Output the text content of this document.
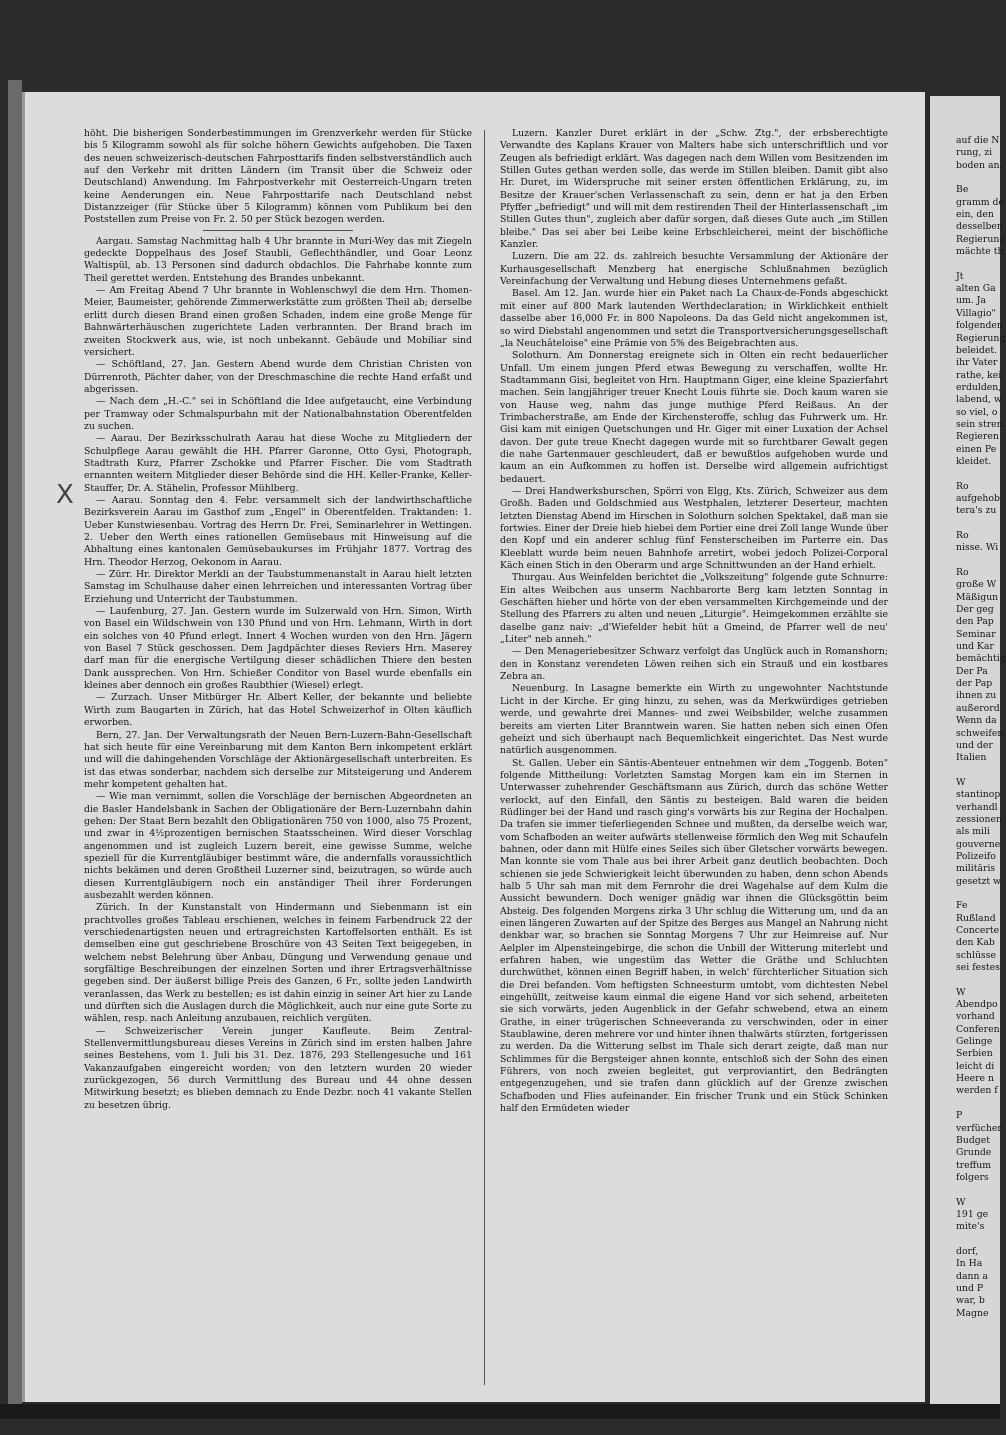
X

höht. Die bisherigen Sonderbestimmungen im Grenzverkehr werden für Stücke bis 5 Kilogramm sowohl als für solche höhern Gewichts aufgehoben. Die Taxen des neuen schweizerisch-deutschen Fahrposttarifs finden selbstverständlich auch auf den Verkehr mit dritten Ländern (im Transit über die Schweiz oder Deutschland) Anwendung. Im Fahrpostverkehr mit Oesterreich-Ungarn treten keine Aenderungen ein. Neue Fahrposttarife nach Deutschland nebst Distanzzeiger (für Stücke über 5 Kilogramm) können vom Publikum bei den Poststellen zum Preise von Fr. 2. 50 per Stück bezogen werden.

Aargau. Samstag Nachmittag halb 4 Uhr brannte in Muri-Wey das mit Ziegeln gedeckte Doppelhaus des Josef Staubli, Geflechthändler, und Goar Leonz Waltispül, ab. 13 Personen sind dadurch obdachlos. Die Fahrhabe konnte zum Theil gerettet werden. Entstehung des Brandes unbekannt.

— Am Freitag Abend 7 Uhr brannte in Wohlenschwyl die dem Hrn. Thomen-Meier, Baumeister, gehörende Zimmerwerkstätte zum größten Theil ab; derselbe erlitt durch diesen Brand einen großen Schaden, indem eine große Menge für Bahnwärterhäuschen zugerichtete Laden verbrannten. Der Brand brach im zweiten Stockwerk aus, wie, ist noch unbekannt. Gebäude und Mobiliar sind versichert.

— Schöftland, 27. Jan. Gestern Abend wurde dem Christian Christen von Dürrenroth, Pächter daher, von der Dreschmaschine die rechte Hand erfaßt und abgerissen.

— Nach dem „H.-C." sei in Schöftland die Idee aufgetaucht, eine Verbindung per Tramway oder Schmalspurbahn mit der Nationalbahnstation Oberentfelden zu suchen.

— Aarau. Der Bezirksschulrath Aarau hat diese Woche zu Mitgliedern der Schulpflege Aarau gewählt die HH. Pfarrer Garonne, Otto Gysi, Photograph, Stadtrath Kurz, Pfarrer Zschokke und Pfarrer Fischer. Die vom Stadtrath ernannten weitern Mitglieder dieser Behörde sind die HH. Keller-Franke, Keller-Stauffer, Dr. A. Stähelin, Professor Mühlberg.

— Aarau. Sonntag den 4. Febr. versammelt sich der landwirthschaftliche Bezirksverein Aarau im Gasthof zum „Engel" in Oberentfelden. Traktanden: 1. Ueber Kunstwiesenbau. Vortrag des Herrn Dr. Frei, Seminarlehrer in Wettingen. 2. Ueber den Werth eines rationellen Gemüsebaus mit Hinweisung auf die Abhaltung eines kantonalen Gemüsebaukurses im Frühjahr 1877. Vortrag des Hrn. Theodor Herzog, Oekonom in Aarau.

— Zürr. Hr. Direktor Merkli an der Taubstummenanstalt in Aarau hielt letzten Samstag im Schulhause daher einen lehrreichen und interessanten Vortrag über Erziehung und Unterricht der Taubstummen.

— Laufenburg, 27. Jan. Gestern wurde im Sulzerwald von Hrn. Simon, Wirth von Basel ein Wildschwein von 130 Pfund und von Hrn. Lehmann, Wirth in dort ein solches von 40 Pfund erlegt. Innert 4 Wochen wurden von den Hrn. Jägern von Basel 7 Stück geschossen. Dem Jagdpächter dieses Reviers Hrn. Maserey darf man für die energische Vertilgung dieser schädlichen Thiere den besten Dank aussprechen. Von Hrn. Schießer Conditor von Basel wurde ebenfalls ein kleines aber dennoch ein großes Raubthier (Wiesel) erlegt.

— Zurzach. Unser Mitbürger Hr. Albert Keller, der bekannte und beliebte Wirth zum Baugarten in Zürich, hat das Hotel Schweizerhof in Olten käuflich erworben.

Bern, 27. Jan. Der Verwaltungsrath der Neuen Bern-Luzern-Bahn-Gesellschaft hat sich heute für eine Vereinbarung mit dem Kanton Bern inkompetent erklärt und will die dahingehenden Vorschläge der Aktionärgesellschaft unterbreiten. Es ist das etwas sonderbar, nachdem sich derselbe zur Mitsteigerung und Anderem mehr kompetent gehalten hat.

— Wie man vernimmt, sollen die Vorschläge der bernischen Abgeordneten an die Basler Handelsbank in Sachen der Obligationäre der Bern-Luzernbahn dahin gehen: Der Staat Bern bezahlt den Obligationären 750 von 1000, also 75 Prozent, und zwar in 4½prozentigen bernischen Staatsscheinen. Wird dieser Vorschlag angenommen und ist zugleich Luzern bereit, eine gewisse Summe, welche speziell für die Kurrentgläubiger bestimmt wäre, die andernfalls voraussichtlich nichts bekämen und deren Großtheil Luzerner sind, beizutragen, so würde auch diesen Kurrentgläubigern noch ein anständiger Theil ihrer Forderungen ausbezahlt werden können.

Zürich. In der Kunstanstalt von Hindermann und Siebenmann ist ein prachtvolles großes Tableau erschienen, welches in feinem Farbendruck 22 der verschiedenartigsten neuen und ertragreichsten Kartoffelsorten enthält. Es ist demselben eine gut geschriebene Broschüre von 43 Seiten Text beigegeben, in welchem nebst Belehrung über Anbau, Düngung und Verwendung genaue und sorgfältige Beschreibungen der einzelnen Sorten und ihrer Ertragsverhältnisse gegeben sind. Der äußerst billige Preis des Ganzen, 6 Fr., sollte jeden Landwirth veranlassen, das Werk zu bestellen; es ist dahin einzig in seiner Art hier zu Lande und dürften sich die Auslagen durch die Möglichkeit, auch nur eine gute Sorte zu wählen, resp. nach Anleitung anzubauen, reichlich vergüten.

— Schweizerischer Verein junger Kaufleute. Beim Zentral-Stellenvermittlungsbureau dieses Vereins in Zürich sind im ersten halben Jahre seines Bestehens, vom 1. Juli bis 31. Dez. 1876, 293 Stellengesuche und 161 Vakanzaufgaben eingereicht worden; von den letztern wurden 20 wieder zurückgezogen, 56 durch Vermittlung des Bureau und 44 ohne dessen Mitwirkung besetzt; es blieben demnach zu Ende Dezbr. noch 41 vakante Stellen zu besetzen übrig.

Luzern. Kanzler Duret erklärt in der „Schw. Ztg.", der erbsberechtigte Verwandte des Kaplans Krauer von Malters habe sich unterschriftlich und vor Zeugen als befriedigt erklärt. Was dagegen nach dem Willen vom Besitzenden im Stillen Gutes gethan werden solle, das werde im Stillen bleiben. Damit gibt also Hr. Duret, im Widerspruche mit seiner ersten öffentlichen Erklärung, zu, im Besitze der Krauer'schen Verlassenschaft zu sein, denn er hat ja den Erben Pfyffer „befriedigt" und will mit dem restirenden Theil der Hinterlassenschaft „im Stillen Gutes thun", zugleich aber dafür sorgen, daß dieses Gute auch „im Stillen bleibe." Das sei aber bei Leibe keine Erbschleicherei, meint der bischöfliche Kanzler.

Luzern. Die am 22. ds. zahlreich besuchte Versammlung der Aktionäre der Kurhausgesellschaft Menzberg hat energische Schlußnahmen bezüglich Vereinfachung der Verwaltung und Hebung dieses Unternehmens gefaßt.

Basel. Am 12. Jan. wurde hier ein Paket nach La Chaux-de-Fonds abgeschickt mit einer auf 800 Mark lautenden Werthdeclaration; in Wirklichkeit enthielt dasselbe aber 16,000 Fr. in 800 Napoleons. Da das Geld nicht angekommen ist, so wird Diebstahl angenommen und setzt die Transportversicherungsgesellschaft „la Neuchâteloise" eine Prämie von 5% des Beigebrachten aus.

Solothurn. Am Donnerstag ereignete sich in Olten ein recht bedauerlicher Unfall. Um einem jungen Pferd etwas Bewegung zu verschaffen, wollte Hr. Stadtammann Gisi, begleitet von Hrn. Hauptmann Giger, eine kleine Spazierfahrt machen. Sein langjähriger treuer Knecht Louis führte sie. Doch kaum waren sie von Hause weg, nahm das junge muthige Pferd Reißaus. An der Trimbacherstraße, am Ende der Kirchensteroffe, schlug das Fuhrwerk um. Hr. Gisi kam mit einigen Quetschungen und Hr. Giger mit einer Luxation der Achsel davon. Der gute treue Knecht dagegen wurde mit so furchtbarer Gewalt gegen die nahe Gartenmauer geschleudert, daß er bewußtlos aufgehoben wurde und kaum an ein Aufkommen zu hoffen ist. Derselbe wird allgemein aufrichtigst bedauert.

— Drei Handwerksburschen, Spörri von Elgg, Kts. Zürich, Schweizer aus dem Großh. Baden und Goldschmied aus Westphalen, letzterer Deserteur, machten letzten Dienstag Abend im Hirschen in Solothurn solchen Spektakel, daß man sie fortwies. Einer der Dreie hieb hiebei dem Portier eine drei Zoll lange Wunde über den Kopf und ein anderer schlug fünf Fensterscheiben im Parterre ein. Das Kleeblatt wurde beim neuen Bahnhofe arretirt, wobei jedoch Polizei-Corporal Käch einen Stich in den Oberarm und arge Schnittwunden an der Hand erhielt.

Thurgau. Aus Weinfelden berichtet die „Volkszeitung" folgende gute Schnurre: Ein altes Weibchen aus unserm Nachbarorte Berg kam letzten Sonntag in Geschäften hieher und hörte von der eben versammelten Kirchgemeinde und der Stellung des Pfarrers zu alten und neuen „Liturgie". Heimgekommen erzählte sie daselbe ganz naiv: „d'Wiefelder hebit hüt a Gmeind, de Pfarrer well de neu' „Liter" neb anneh."

— Den Menageriebesitzer Schwarz verfolgt das Unglück auch in Romanshorn; den in Konstanz verendeten Löwen reihen sich ein Strauß und ein kostbares Zebra an.

Neuenburg. In Lasagne bemerkte ein Wirth zu ungewohnter Nachtstunde Licht in der Kirche. Er ging hinzu, zu sehen, was da Merkwürdiges getrieben werde, und gewahrte drei Mannes- und zwei Weibsbilder, welche zusammen bereits am vierten Liter Branntwein waren. Sie hatten neben sich einen Ofen geheizt und sich überhaupt nach Bequemlichkeit eingerichtet. Das Nest wurde natürlich ausgenommen.

St. Gallen. Ueber ein Säntis-Abenteuer entnehmen wir dem „Toggenb. Boten" folgende Mittheilung: Vorletzten Samstag Morgen kam ein im Sternen in Unterwasser zuhehrender Geschäftsmann aus Zürich, durch das schöne Wetter verlockt, auf den Einfall, den Säntis zu besteigen. Bald waren die beiden Rüdlinger bei der Hand und rasch ging's vorwärts bis zur Regina der Hochalpen. Da trafen sie immer tieferliegenden Schnee und mußten, da derselbe weich war, vom Schafboden an weiter aufwärts stellenweise förmlich den Weg mit Schaufeln bahnen, oder dann mit Hülfe eines Seiles sich über Gletscher vorwärts bewegen. Man konnte sie vom Thale aus bei ihrer Arbeit ganz deutlich beobachten. Doch schienen sie jede Schwierigkeit leicht überwunden zu haben, denn schon Abends halb 5 Uhr sah man mit dem Fernrohr die drei Wagehalse auf dem Kulm die Aussicht bewundern. Doch weniger gnädig war ihnen die Glücksgöttin beim Absteig. Des folgenden Morgens zirka 3 Uhr schlug die Witterung um, und da an einen längeren Zuwarten auf der Spitze des Berges aus Mangel an Nahrung nicht denkbar war, so brachen sie Sonntag Morgens 7 Uhr zur Heimreise auf. Nur Aelpler im Alpensteingebirge, die schon die Unbill der Witterung miterlebt und erfahren haben, wie ungestüm das Wetter die Gräthe und Schluchten durchwüthet, können einen Begriff haben, in welch' fürchterlicher Situation sich die Drei befanden. Vom heftigsten Schneesturm umtobt, vom dichtesten Nebel eingehüllt, zeitweise kaum einmal die eigene Hand vor sich sehend, arbeiteten sie sich vorwärts, jeden Augenblick in der Gefahr schwebend, etwa an einem Grathe, in einer trügerischen Schneeveranda zu verschwinden, oder in einer Staublawine, deren mehrere vor und hinter ihnen thalwärts stürzten, fortgerissen zu werden. Da die Witterung selbst im Thale sich derart zeigte, daß man nur Schlimmes für die Bergsteiger ahnen konnte, entschloß sich der Sohn des einen Führers, von noch zweien begleitet, gut verproviantirt, den Bedrängten entgegenzugehen, und sie trafen dann glücklich auf der Grenze zwischen Schafboden und Flies aufeinander. Ein frischer Trunk und ein Stück Schinken half den Ermüdeten wieder

auf die N
rung, zi
boden an.
Be
gramm de
ein, den
desselben
Regierung
mächte th
Jt
alten Ga
um. Ja
Villagio"
folgenden
Regierung
beleidet.
ihr Vater
rathe, kei
erdulden,
labend, w
so viel, o
sein stren
Regieren
einen Pe
kleidet.
Ro
aufgehob
tera's zu
Ro
nisse. Wi
Ro
große W
Mäßigun
Der geg
den Pap
Seminar
und Kar
bemächtig
Der Pa
der Pap
ihnen zu
außerord
Wenn da
schweifen
und der
Italien
W
stantinop
verhandl
zessionen
als mili
gouverne
Polizeifo
militäris
gesetzt w
Fe
Rußland
Concerte
den Kab
schlüsse
sei festes
W
Abendpo
vorhand
Conferen
Gelinge
Serbien
leicht di
Heere n
werden f
P
verfücher
Budget
Grunde
treffum
folgers
W
191 ge
mite's
dorf,
In Ha
dann a
und P
war, b
Magne
